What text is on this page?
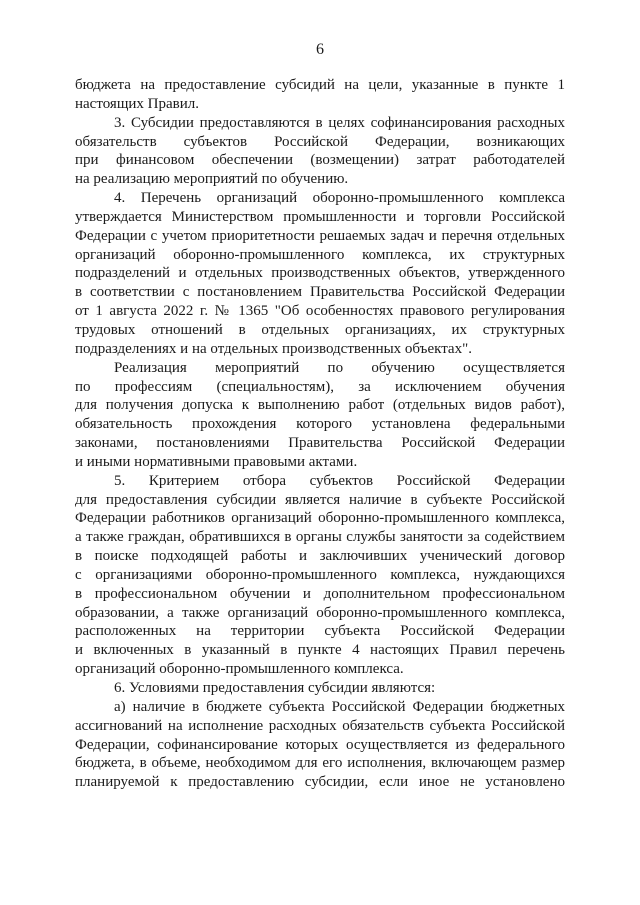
6
бюджета на предоставление субсидий на цели, указанные в пункте 1
настоящих Правил.
3. Субсидии предоставляются в целях софинансирования расходных
обязательств субъектов Российской Федерации, возникающих
при финансовом обеспечении (возмещении) затрат работодателей
на реализацию мероприятий по обучению.
4. Перечень организаций оборонно-промышленного комплекса
утверждается Министерством промышленности и торговли Российской
Федерации с учетом приоритетности решаемых задач и перечня отдельных
организаций оборонно-промышленного комплекса, их структурных
подразделений и отдельных производственных объектов, утвержденного
в соответствии с постановлением Правительства Российской Федерации
от 1 августа 2022 г. № 1365 "Об особенностях правового регулирования
трудовых отношений в отдельных организациях, их структурных
подразделениях и на отдельных производственных объектах".
Реализация мероприятий по обучению осуществляется
по профессиям (специальностям), за исключением обучения
для получения допуска к выполнению работ (отдельных видов работ),
обязательность прохождения которого установлена федеральными
законами, постановлениями Правительства Российской Федерации
и иными нормативными правовыми актами.
5. Критерием отбора субъектов Российской Федерации
для предоставления субсидии является наличие в субъекте Российской
Федерации работников организаций оборонно-промышленного комплекса,
а также граждан, обратившихся в органы службы занятости за содействием
в поиске подходящей работы и заключивших ученический договор
с организациями оборонно-промышленного комплекса, нуждающихся
в профессиональном обучении и дополнительном профессиональном
образовании, а также организаций оборонно-промышленного комплекса,
расположенных на территории субъекта Российской Федерации
и включенных в указанный в пункте 4 настоящих Правил перечень
организаций оборонно-промышленного комплекса.
6. Условиями предоставления субсидии являются:
а) наличие в бюджете субъекта Российской Федерации бюджетных
ассигнований на исполнение расходных обязательств субъекта Российской
Федерации, софинансирование которых осуществляется из федерального
бюджета, в объеме, необходимом для его исполнения, включающем размер
планируемой к предоставлению субсидии, если иное не установлено
